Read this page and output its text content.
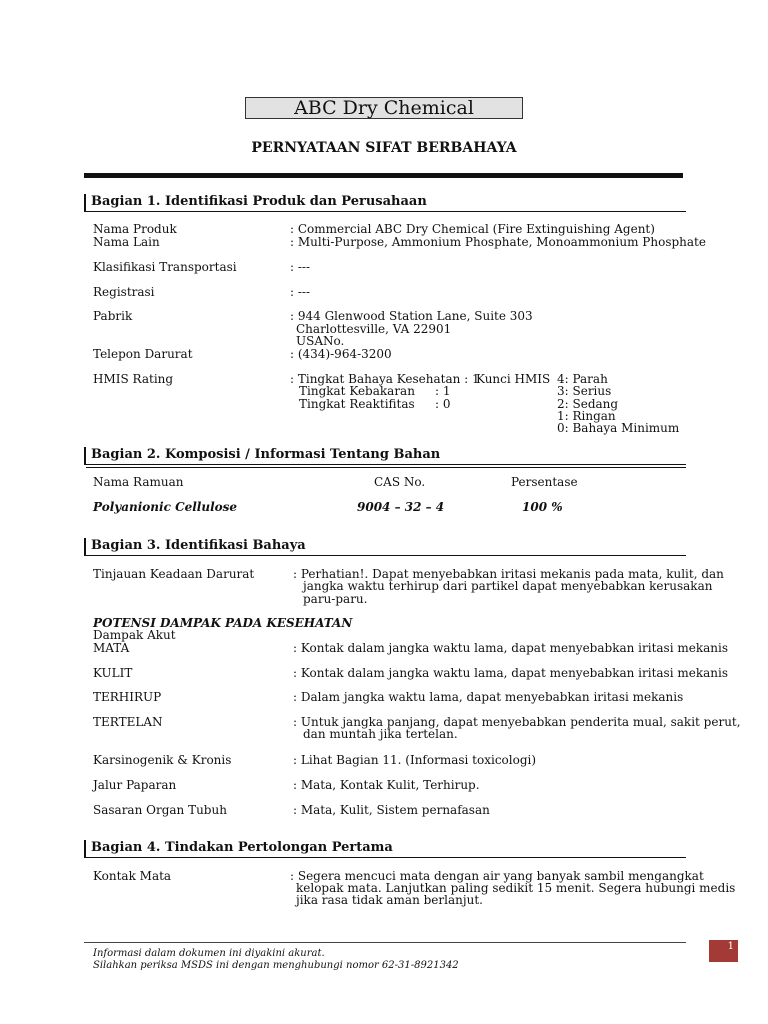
ABC Dry Chemical
PERNYATAAN SIFAT BERBAHAYA
Bagian 1. Identifikasi Produk dan Perusahaan
Nama Produk	: Commercial ABC Dry Chemical (Fire Extinguishing Agent)
Nama Lain	: Multi-Purpose, Ammonium Phosphate, Monoammonium Phosphate
Klasifikasi Transportasi	: ---
Registrasi	: ---
Pabrik	: 944 Glenwood Station Lane, Suite 303
Charlottesville, VA 22901
USANo.
Telepon Darurat	: (434)-964-3200
HMIS Rating	: Tingkat Bahaya Kesehatan : 1
Tingkat Kebakaran : 1
Tingkat Reaktifitas : 0
Kunci HMIS 4: Parah
3: Serius
2: Sedang
1: Ringan
0: Bahaya Minimum
Bagian 2. Komposisi / Informasi Tentang Bahan
Nama Ramuan	CAS No.	Persentase
Polyanionic Cellulose	9004 – 32 – 4	100 %
Bagian 3. Identifikasi Bahaya
Tinjauan Keadaan Darurat	: Perhatian!. Dapat menyebabkan iritasi mekanis pada mata, kulit, dan
jangka waktu terhirup dari partikel dapat menyebabkan kerusakan
paru-paru.
POTENSI DAMPAK PADA KESEHATAN
Dampak Akut
MATA	: Kontak dalam jangka waktu lama, dapat menyebabkan iritasi mekanis
KULIT	: Kontak dalam jangka waktu lama, dapat menyebabkan iritasi mekanis
TERHIRUP	: Dalam jangka waktu lama, dapat menyebabkan iritasi mekanis
TERTELAN	: Untuk jangka panjang, dapat menyebabkan penderita mual, sakit perut,
dan muntah jika tertelan.
Karsinogenik & Kronis	: Lihat Bagian 11. (Informasi toxicologi)
Jalur Paparan	: Mata, Kontak Kulit, Terhirup.
Sasaran Organ Tubuh	: Mata, Kulit, Sistem pernafasan
Bagian 4. Tindakan Pertolongan Pertama
Kontak Mata	: Segera mencuci mata dengan air yang banyak sambil mengangkat
kelopak mata. Lanjutkan paling sedikit 15 menit. Segera hubungi medis
jika rasa tidak aman berlanjut.
Informasi dalam dokumen ini diyakini akurat.
Silahkan periksa MSDS ini dengan menghubungi nomor 62-31-8921342
1
